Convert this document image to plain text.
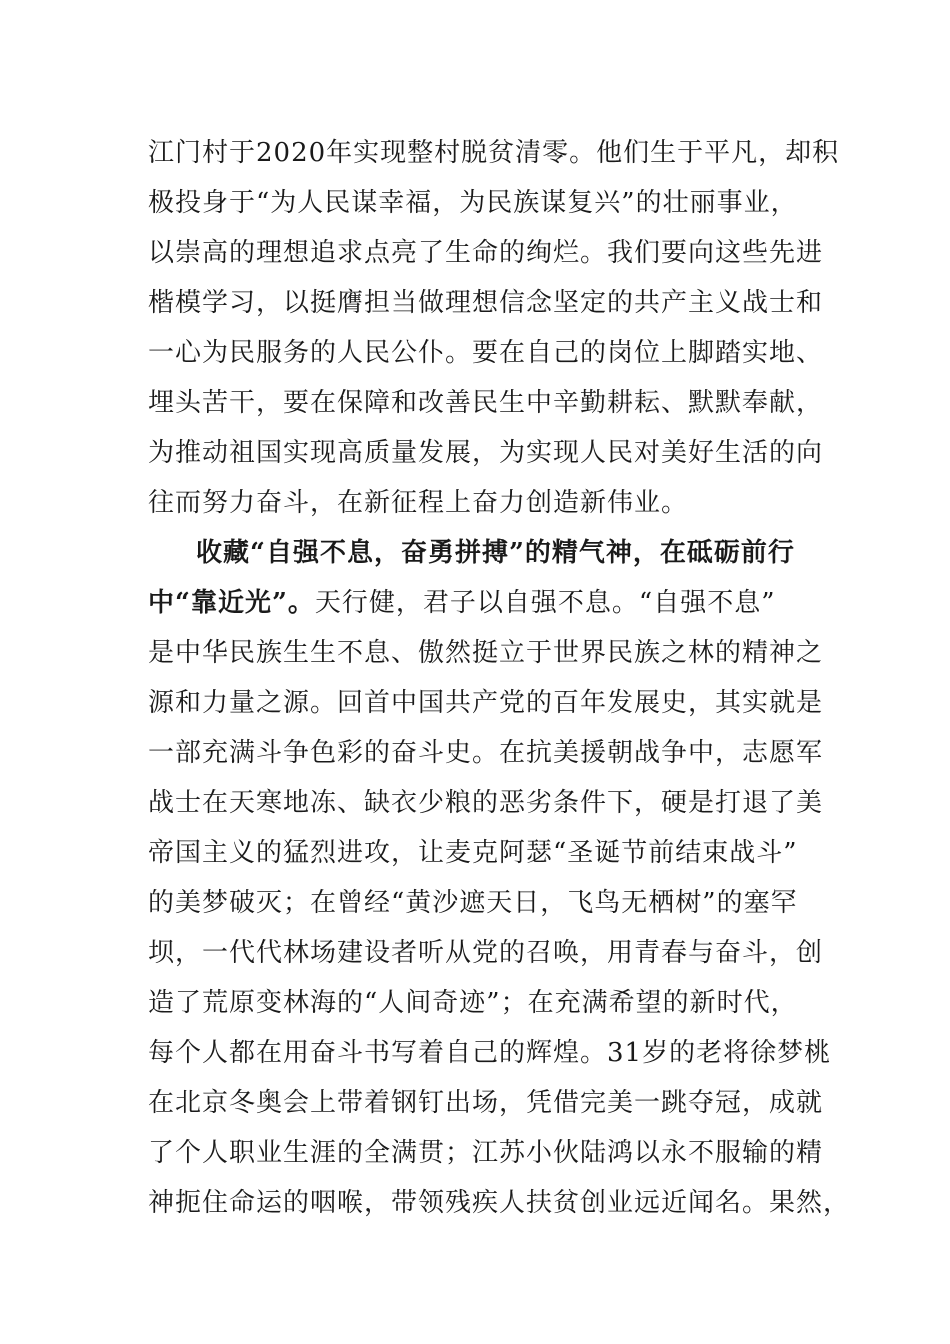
江门村于2020年实现整村脱贫清零。他们生于平凡，却积
极投身于“为人民谋幸福，为民族谋复兴”的壮丽事业，
以崇高的理想追求点亮了生命的绚烂。我们要向这些先进
楷模学习，以挺膺担当做理想信念坚定的共产主义战士和
一心为民服务的人民公仆。要在自己的岗位上脚踏实地、
埋头苦干，要在保障和改善民生中辛勤耕耘、默默奉献，
为推动祖国实现高质量发展，为实现人民对美好生活的向
往而努力奋斗，在新征程上奋力创造新伟业。
收藏“自强不息，奋勇拼搏”的精气神，在砥砺前行
中“靠近光”。天行健，君子以自强不息。“自强不息”
是中华民族生生不息、傲然挺立于世界民族之林的精神之
源和力量之源。回首中国共产党的百年发展史，其实就是
一部充满斗争色彩的奋斗史。在抗美援朝战争中，志愿军
战士在天寒地冻、缺衣少粮的恶劣条件下，硬是打退了美
帝国主义的猛烈进攻，让麦克阿瑟“圣诞节前结束战斗”
的美梦破灭；在曾经“黄沙遮天日，飞鸟无栖树”的塞罕
坝，一代代林场建设者听从党的召唤，用青春与奋斗，创
造了荒原变林海的“人间奇迹”；在充满希望的新时代，
每个人都在用奋斗书写着自己的辉煌。31岁的老将徐梦桃
在北京冬奥会上带着钢钉出场，凭借完美一跳夺冠，成就
了个人职业生涯的全满贯；江苏小伙陆鸿以永不服输的精
神扼住命运的咽喉，带领残疾人扶贫创业远近闻名。果然，
